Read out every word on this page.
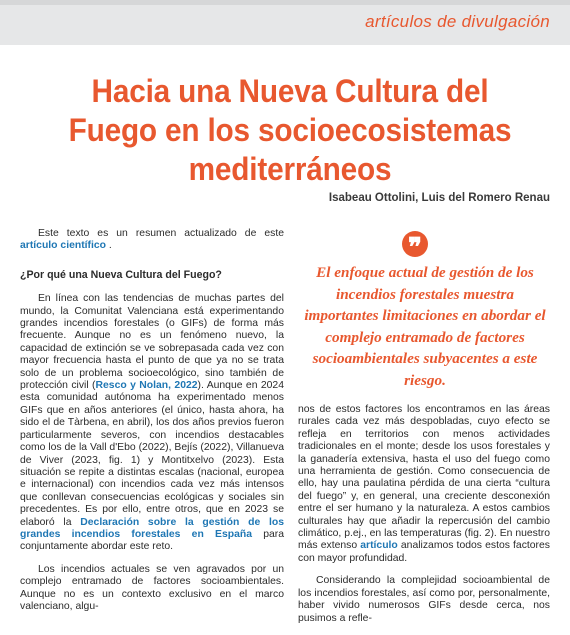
artículos de divulgación
Hacia una Nueva Cultura del Fuego en los socioecosistemas mediterráneos
Isabeau Ottolini, Luis del Romero Renau

Este texto es un resumen actualizado de este artículo científico .

¿Por qué una Nueva Cultura del Fuego?

En línea con las tendencias de muchas partes del mundo, la Comunitat Valenciana está experimentando grandes incendios forestales (o GIFs) de forma más frecuente. Aunque no es un fenómeno nuevo, la capacidad de extinción se ve sobrepasada cada vez con mayor frecuencia hasta el punto de que ya no se trata solo de un problema socioecológico, sino también de protección civil (Resco y Nolan, 2022). Aunque en 2024 esta comunidad autónoma ha experimentado menos GIFs que en años anteriores (el único, hasta ahora, ha sido el de Tàrbena, en abril), los dos años previos fueron particularmente severos, con incendios destacables como los de la Vall d'Ebo (2022), Bejís (2022), Villanueva de Viver (2023, fig. 1) y Montitxelvo (2023). Esta situación se repite a distintas escalas (nacional, europea e internacional) con incendios cada vez más intensos que conllevan consecuencias ecológicas y sociales sin precedentes. Es por ello, entre otros, que en 2023 se elaboró la Declaración sobre la gestión de los grandes incendios forestales en España para conjuntamente abordar este reto.

Los incendios actuales se ven agravados por un complejo entramado de factores socioambientales. Aunque no es un contexto exclusivo en el marco valenciano, algu-

❞
El enfoque actual de gestión de los incendios forestales muestra importantes limitaciones en abordar el complejo entramado de factores socioambientales subyacentes a este riesgo.

nos de estos factores los encontramos en las áreas rurales cada vez más despobladas, cuyo efecto se refleja en territorios con menos actividades tradicionales en el monte; desde los usos forestales y la ganadería extensiva, hasta el uso del fuego como una herramienta de gestión. Como consecuencia de ello, hay una paulatina pérdida de una cierta “cultura del fuego” y, en general, una creciente desconexión entre el ser humano y la naturaleza. A estos cambios culturales hay que añadir la repercusión del cambio climático, p.ej., en las temperaturas (fig. 2). En nuestro más extenso artículo analizamos todos estos factores con mayor profundidad.

Considerando la complejidad socioambiental de los incendios forestales, así como por, personalmente, haber vivido numerosos GIFs desde cerca, nos pusimos a refle-
